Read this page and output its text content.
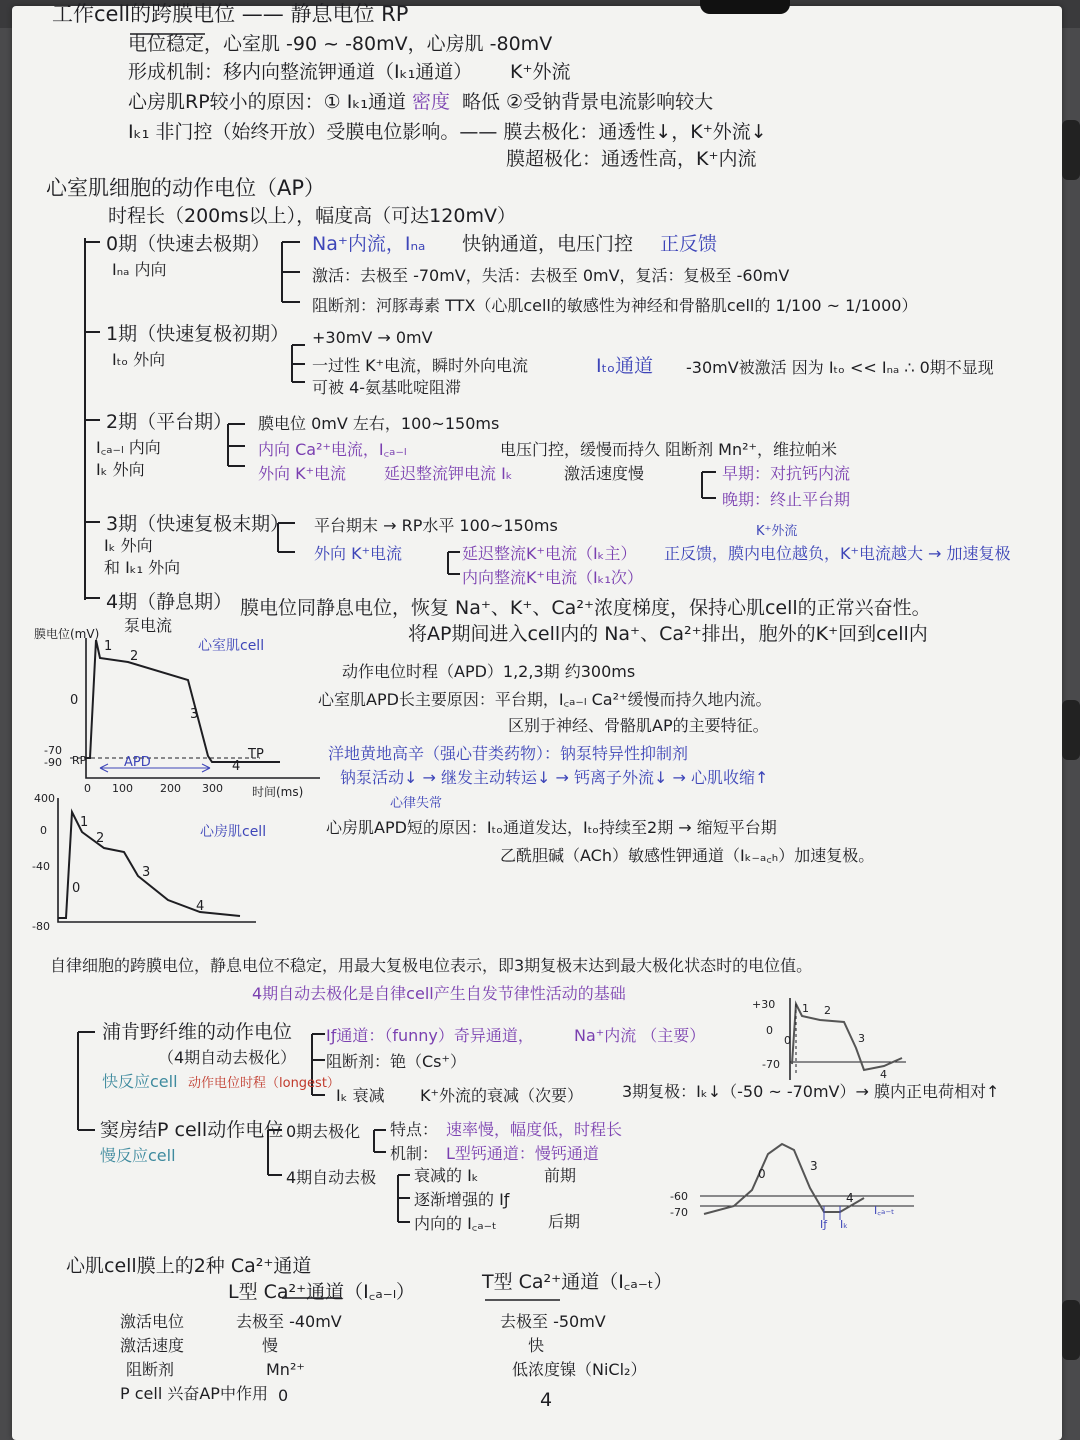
工作cell的跨膜电位 —— 静息电位 RP
电位稳定，心室肌 -90 ~ -80mV，心房肌 -80mV
形成机制：移内向整流钾通道（Iₖ₁通道） K⁺外流
心房肌RP较小的原因：① Iₖ₁通道 密度 略低 ②受钠背景电流影响较大
Iₖ₁ 非门控（始终开放）受膜电位影响。—— 膜去极化：通透性↓，K⁺外流↓
膜超极化：通透性高，K⁺内流
心室肌细胞的动作电位（AP）
时程长（200ms以上），幅度高（可达120mV）
0期（快速去极期）
Iₙₐ 内向
Na⁺内流，Iₙₐ 快钠通道，电压门控 正反馈
激活：去极至 -70mV，失活：去极至 0mV，复活：复极至 -60mV
阻断剂：河豚毒素 TTX（心肌cell的敏感性为神经和骨骼肌cell的 1/100 ~ 1/1000）
1期（快速复极初期）
Iₜₒ 外向
+30mV → 0mV
一过性 K⁺电流，瞬时外向电流	Iₜₒ通道 -30mV被激活 因为 Iₜₒ << Iₙₐ ∴ 0期不显现
可被 4-氨基吡啶阻滞
2期（平台期）
I꜀ₐ₋ₗ 内向
Iₖ 外向
膜电位 0mV 左右，100~150ms
内向 Ca²⁺电流，I꜀ₐ₋ₗ	电压门控，缓慢而持久 阻断剂 Mn²⁺，维拉帕米
外向 K⁺电流 延迟整流钾电流 Iₖ	激活速度慢	早期：对抗钙内流
晚期：终止平台期
3期（快速复极末期）
Iₖ 外向
和 Iₖ₁ 外向
平台期末 → RP水平 100~150ms
外向 K⁺电流	延迟整流K⁺电流（Iₖ主）
K⁺外流
正反馈，膜内电位越负，K⁺电流越大 → 加速复极
内向整流K⁺电流（Iₖ₁次）
4期（静息期）
泵电流
膜电位同静息电位，恢复 Na⁺、K⁺、Ca²⁺浓度梯度，保持心肌cell的正常兴奋性。
将AP期间进入cell内的 Na⁺、Ca²⁺排出，胞外的K⁺回到cell内
膜电位(mV)
心室肌cell
时间(ms)
-70
-90
0 100 200 300
0
1
2
3
4
APD
RP	TP
动作电位时程（APD）1,2,3期 约300ms
心室肌APD长主要原因：平台期，I꜀ₐ₋ₗ Ca²⁺缓慢而持久地内流。
区别于神经、骨骼肌AP的主要特征。
洋地黄地高辛（强心苷类药物）：钠泵特异性抑制剂
钠泵活动↓ → 继发主动转运↓ → 钙离子外流↓ → 心肌收缩↑
心律失常
心房肌APD短的原因：Iₜₒ通道发达，Iₜₒ持续至2期 → 缩短平台期
乙酰胆碱（ACh）敏感性钾通道（Iₖ₋ₐ꜀ₕ）加速复极。
400
0
-40
-80
心房肌cell
0
1
2
3
4
自律细胞的跨膜电位，静息电位不稳定，用最大复极电位表示，即3期复极末达到最大极化状态时的电位值。
4期自动去极化是自律cell产生自发节律性活动的基础
浦肯野纤维的动作电位
（4期自动去极化）
快反应cell 动作电位时程（longest）
Iƒ通道：（funny）奇异通道，	Na⁺内流 （主要）
阻断剂：铯（Cs⁺）
Iₖ 衰减 K⁺外流的衰减（次要） 3期复极：Iₖ↓（-50 ~ -70mV）→ 膜内正电荷相对↑
窦房结P cell动作电位
慢反应cell
0期去极化 特点： 速率慢，幅度低，时程长
机制： L型钙通道：慢钙通道
4期自动去极 衰减的 Iₖ
逐渐增强的 Iƒ
内向的 I꜀ₐ₋ₜ
前期
后期
+30
0
-70
0
1 2
3
4
-60
-70
0
3
4
Iƒ Iₖ
I꜀ₐ₋ₜ
心肌cell膜上的2种 Ca²⁺通道
L型 Ca²⁺通道（I꜀ₐ₋ₗ）	T型 Ca²⁺通道（I꜀ₐ₋ₜ）
激活电位	去极至 -40mV	去极至 -50mV
激活速度	慢	快
阻断剂	Mn²⁺	低浓度镍（NiCl₂）
P cell 兴奋AP中作用 0	4
